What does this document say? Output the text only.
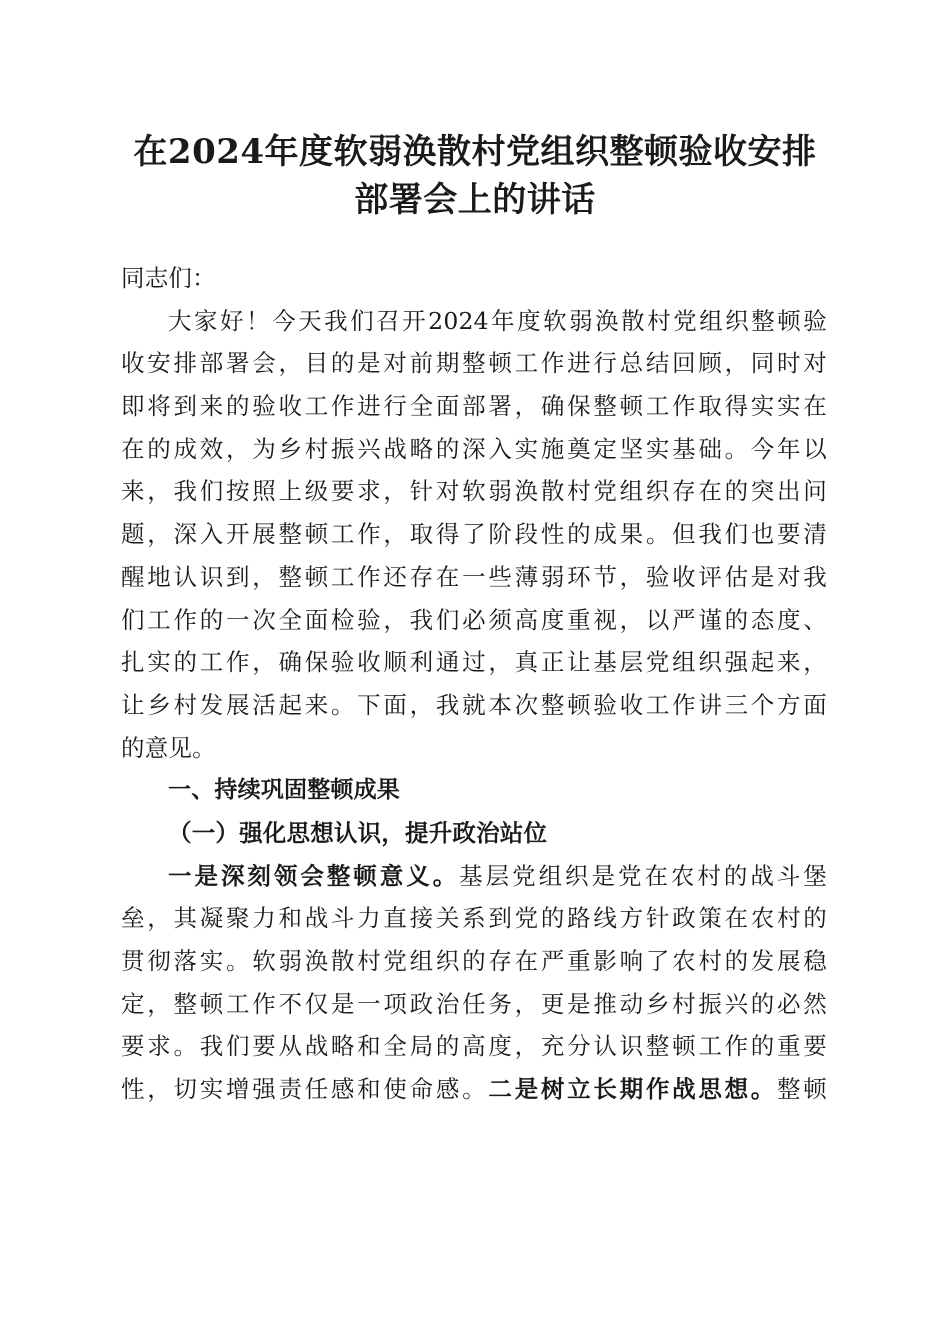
在2024年度软弱涣散村党组织整顿验收安排
部署会上的讲话
同志们：
大家好！今天我们召开2024年度软弱涣散村党组织整顿验
收安排部署会，目的是对前期整顿工作进行总结回顾，同时对
即将到来的验收工作进行全面部署，确保整顿工作取得实实在
在的成效，为乡村振兴战略的深入实施奠定坚实基础。今年以
来，我们按照上级要求，针对软弱涣散村党组织存在的突出问
题，深入开展整顿工作，取得了阶段性的成果。但我们也要清
醒地认识到，整顿工作还存在一些薄弱环节，验收评估是对我
们工作的一次全面检验，我们必须高度重视，以严谨的态度、
扎实的工作，确保验收顺利通过，真正让基层党组织强起来，
让乡村发展活起来。下面，我就本次整顿验收工作讲三个方面
的意见。
一、持续巩固整顿成果
（一）强化思想认识，提升政治站位
一是深刻领会整顿意义。基层党组织是党在农村的战斗堡
垒，其凝聚力和战斗力直接关系到党的路线方针政策在农村的
贯彻落实。软弱涣散村党组织的存在严重影响了农村的发展稳
定，整顿工作不仅是一项政治任务，更是推动乡村振兴的必然
要求。我们要从战略和全局的高度，充分认识整顿工作的重要
性，切实增强责任感和使命感。二是树立长期作战思想。整顿
